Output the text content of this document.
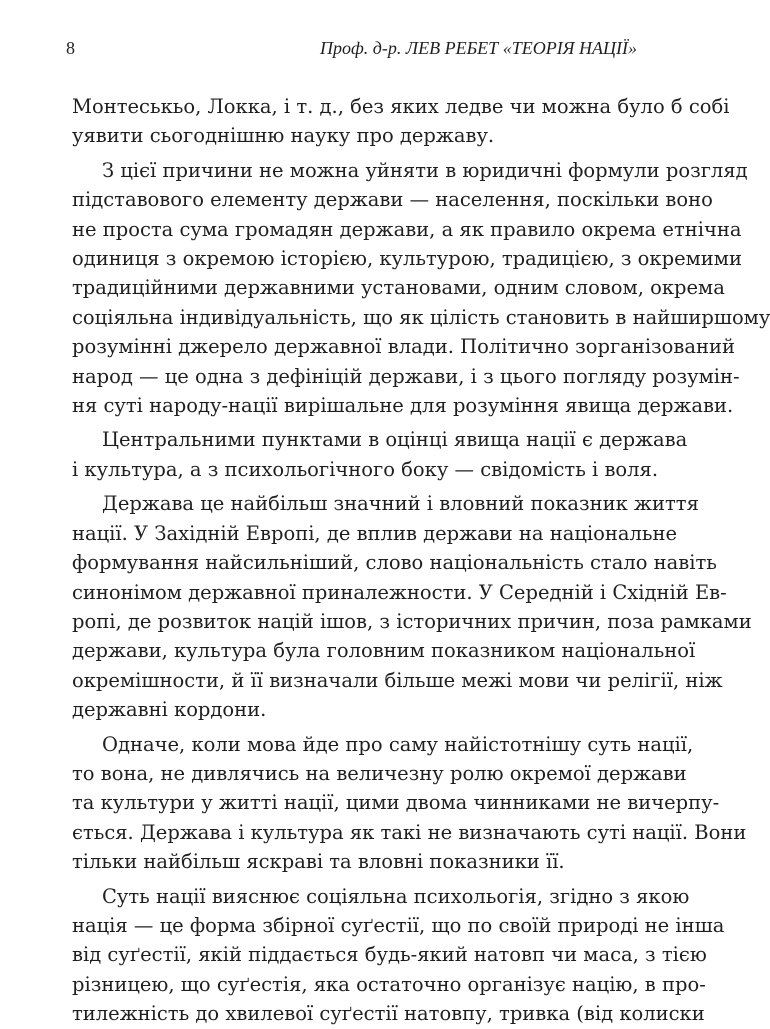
8	Проф. д-р. ЛЕВ РЕБЕТ «ТЕОРІЯ НАЦІЇ»
Монтеськьо, Локка, і т. д., без яких ледве чи можна було б собі
уявити сьогоднішню науку про державу.
З цієї причини не можна уйняти в юридичні формули розгляд
підставового елементу держави — населення, поскільки воно
не проста сума громадян держави, а як правило окрема етнічна
одиниця з окремою історією, культурою, традицією, з окремими
традиційними державними установами, одним словом, окрема
соціяльна індивідуальність, що як цілість становить в найширшому
розумінні джерело державної влади. Політично зорганізований
народ — це одна з дефініцій держави, і з цього погляду розумін-
ня суті народу-нації вирішальне для розуміння явища держави.
Центральними пунктами в оцінці явища нації є держава
і культура, а з психольогічного боку — свідомість і воля.
Держава це найбільш значний і вловний показник життя
нації. У Західній Европі, де вплив держави на національне
формування найсильніший, слово національність стало навіть
синонімом державної приналежности. У Середній і Східній Ев-
ропі, де розвиток націй ішов, з історичних причин, поза рамками
держави, культура була головним показником національної
окремішности, й її визначали більше межі мови чи релігії, ніж
державні кордони.
Одначе, коли мова йде про саму найістотнішу суть нації,
то вона, не дивлячись на величезну ролю окремої держави
та культури у житті нації, цими двома чинниками не вичерпу-
ється. Держава і культура як такі не визначають суті нації. Вони
тільки найбільш яскраві та вловні показники її.
Суть нації вияснює соціяльна психольогія, згідно з якою
нація — це форма збірної суґестії, що по своїй природі не інша
від суґестії, якій піддається будь-який натовп чи маса, з тією
різницею, що суґестія, яка остаточно організує націю, в про-
тилежність до хвилевої суґестії натовпу, тривка (від колиски
